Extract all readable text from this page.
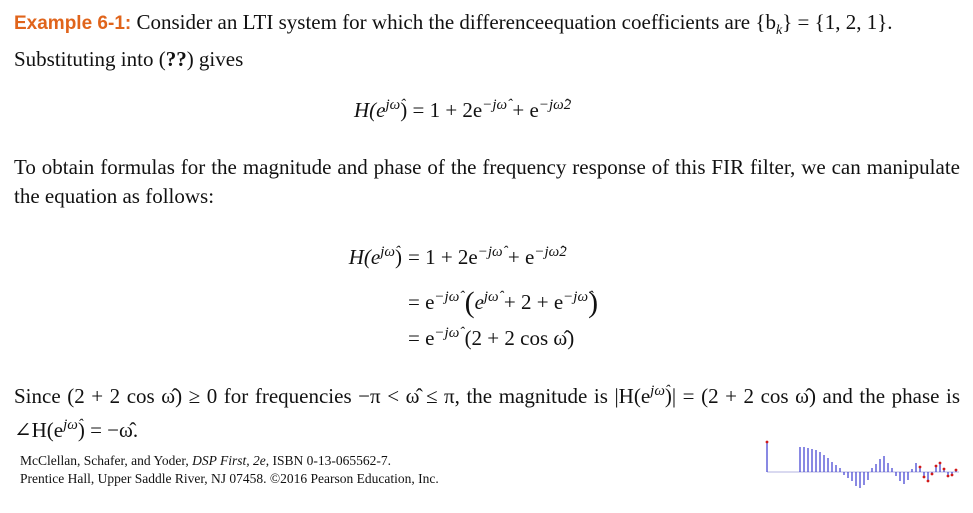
Example 6-1: Consider an LTI system for which the differenceequation coefficients are $\{b_k\} = \{1$, 2, 1}.
Substituting into (??) gives
$H(e^{j\omegâ}) = 1 + 2e^{-j\omegâ} + e^{-j\omegâ2}$
To obtain formulas for the magnitude and phase of the frequency response of this FIR filter, we can manipulate the equation as follows:
$H(e^{j\omegâ}) = 1 + 2e^{-j\omegâ} + e^{-j\omegâ2}$
= $e^{-j\omegâ}$ $(e^{j\omegâ} + 2 + e^{-j\omegâ})$
= $e^{-j\omegâ}$ (2 + 2 cos ω̂)
Since (2 + 2 cos ω̂) ≥ 0 for frequencies −π < ω̂ ≤ π, the magnitude is $|H(e^{j\omegâ})| = (2 + 2$ cos ω̂) and the phase is $\angle H(e^{j\omegâ})$ = −ω̂.
McClellan, Schafer, and Yoder, DSP First, 2e, ISBN 0-13-065562-7.
Prentice Hall, Upper Saddle River, NJ 07458. ©2016 Pearson Education, Inc.
